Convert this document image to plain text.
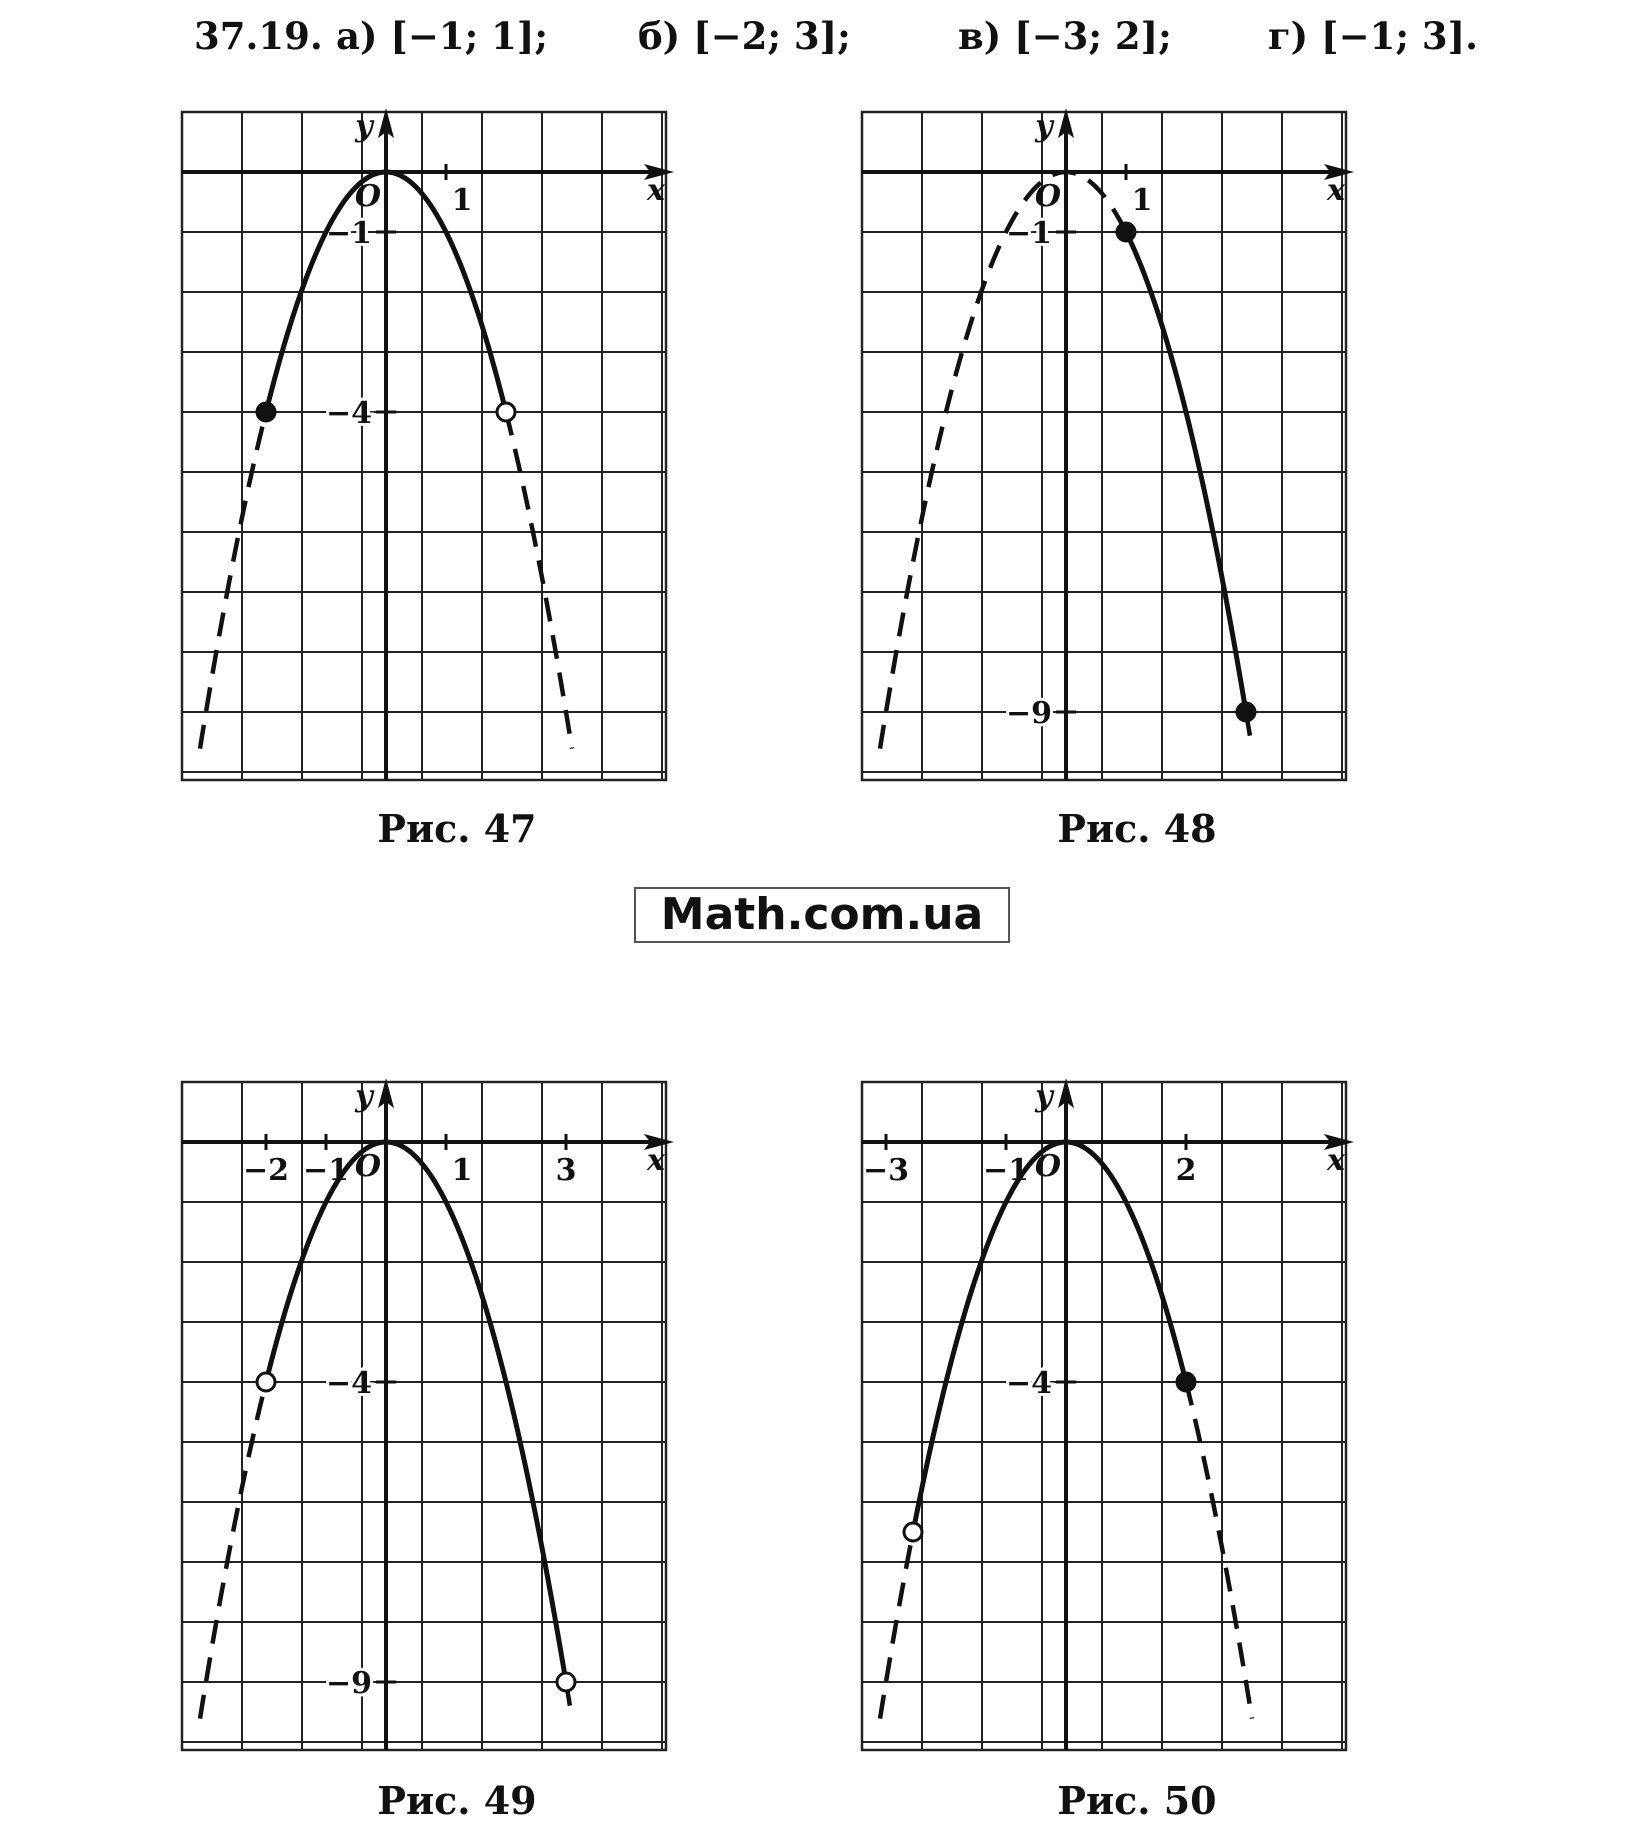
37.19. а) [−1; 1]; б) [−2; 3];	в) [−3; 2];	г) [−1; 3].
x
y
O
−1
−4
1	x
y
O
−1
−9
1
x
y
O
−4
−9
−2 −1	1	3	x
y
O
−4
−3 −1	2
Рис. 47	Рис. 48
Рис. 49	Рис. 50
Math.com.ua
